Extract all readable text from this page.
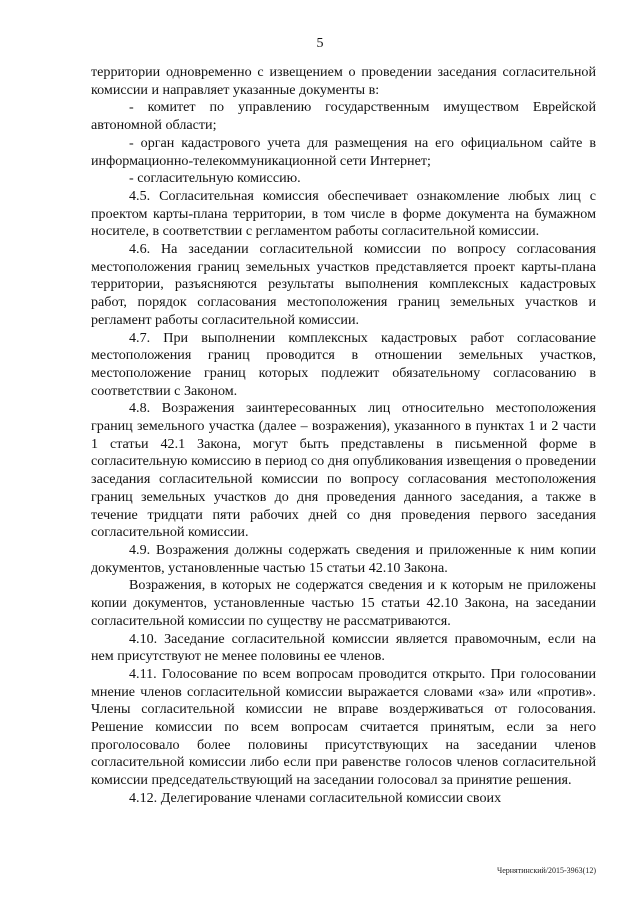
5

территории одновременно с извещением о проведении заседания согласительной комиссии и направляет указанные документы в:

- комитет по управлению государственным имуществом Еврейской автономной области;

- орган кадастрового учета для размещения на его официальном сайте в информационно-телекоммуникационной сети Интернет;

- согласительную комиссию.

4.5. Согласительная комиссия обеспечивает ознакомление любых лиц с проектом карты-плана территории, в том числе в форме документа на бумажном носителе, в соответствии с регламентом работы согласительной комиссии.

4.6. На заседании согласительной комиссии по вопросу согласования местоположения границ земельных участков представляется проект карты-плана территории, разъясняются результаты выполнения комплексных кадастровых работ, порядок согласования местоположения границ земельных участков и регламент работы согласительной комиссии.

4.7. При выполнении комплексных кадастровых работ согласование местоположения границ проводится в отношении земельных участков, местоположение границ которых подлежит обязательному согласованию в соответствии с Законом.

4.8. Возражения заинтересованных лиц относительно местоположения границ земельного участка (далее – возражения), указанного в пунктах 1 и 2 части 1 статьи 42.1 Закона, могут быть представлены в письменной форме в согласительную комиссию в период со дня опубликования извещения о проведении заседания согласительной комиссии по вопросу согласования местоположения границ земельных участков до дня проведения данного заседания, а также в течение тридцати пяти рабочих дней со дня проведения первого заседания согласительной комиссии.

4.9. Возражения должны содержать сведения и приложенные к ним копии документов, установленные частью 15 статьи 42.10 Закона.

Возражения, в которых не содержатся сведения и к которым не приложены копии документов, установленные частью 15 статьи 42.10 Закона, на заседании согласительной комиссии по существу не рассматриваются.

4.10. Заседание согласительной комиссии является правомочным, если на нем присутствуют не менее половины ее членов.

4.11. Голосование по всем вопросам проводится открыто. При голосовании мнение членов согласительной комиссии выражается словами «за» или «против». Члены согласительной комиссии не вправе воздерживаться от голосования. Решение комиссии по всем вопросам считается принятым, если за него проголосовало более половины присутствующих на заседании членов согласительной комиссии либо если при равенстве голосов членов согласительной комиссии председательствующий на заседании голосовал за принятие решения.

4.12. Делегирование членами согласительной комиссии своих

Чернятинский/2015-3963(12)
